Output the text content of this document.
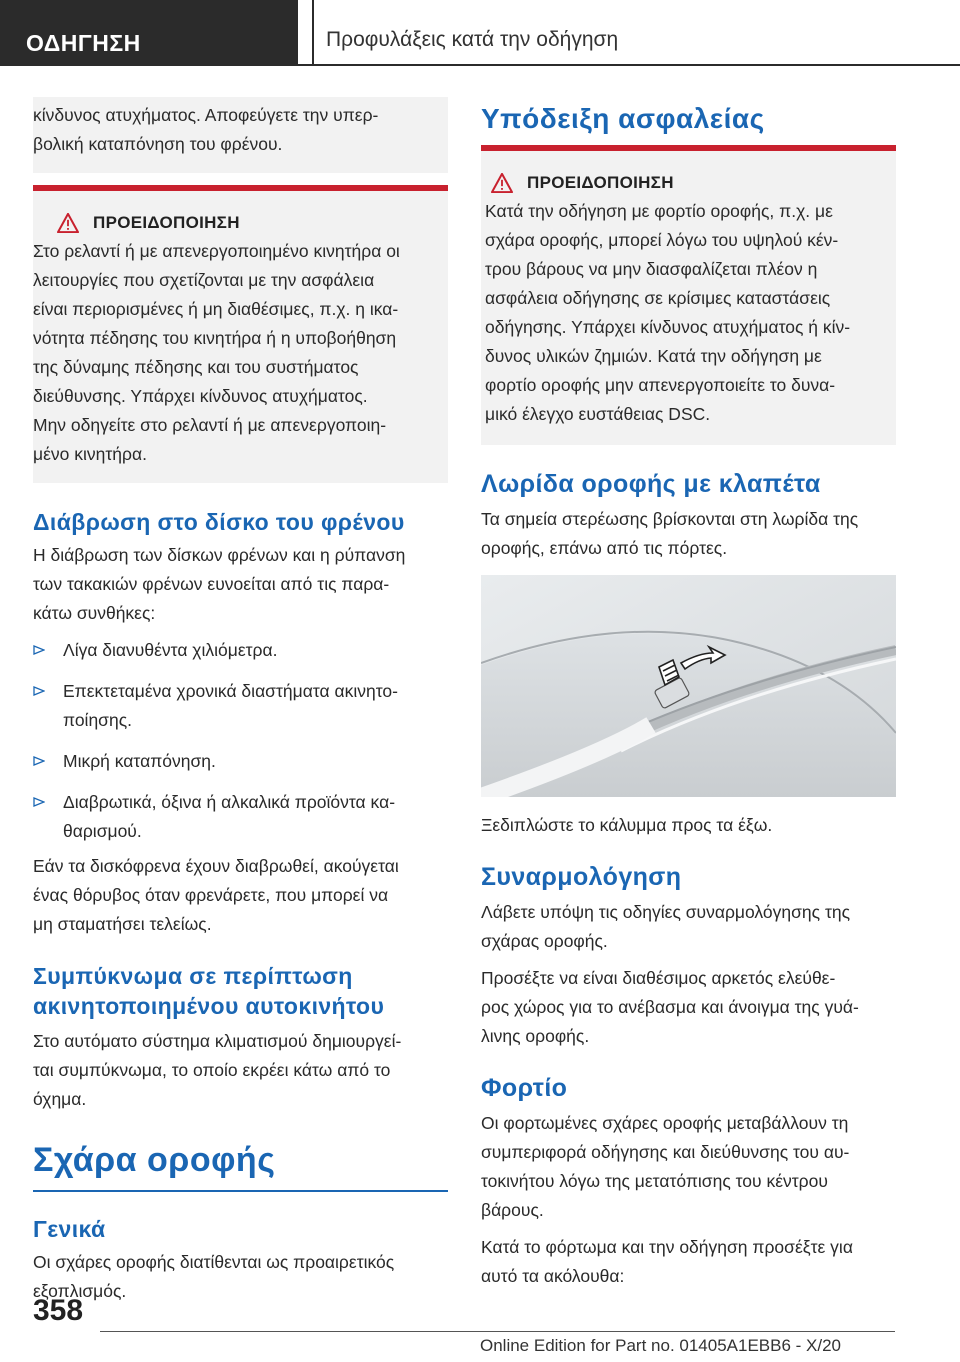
ΟΔΗΓΗΣΗ	Προφυλάξεις κατά την οδήγηση

κίνδυνος ατυχήματος. Αποφεύγετε την υπερ-

βολική καταπόνηση του φρένου.

ΠΡΟΕΙΔΟΠΟΙΗΣΗ

Στο ρελαντί ή με απενεργοποιημένο κινητήρα οι

λειτουργίες που σχετίζονται με την ασφάλεια

είναι περιορισμένες ή μη διαθέσιμες, π.χ. η ικα-

νότητα πέδησης του κινητήρα ή η υποβοήθηση

της δύναμης πέδησης και του συστήματος

διεύθυνσης. Υπάρχει κίνδυνος ατυχήματος.

Μην οδηγείτε στο ρελαντί ή με απενεργοποιη-

μένο κινητήρα.

Διάβρωση στο δίσκο του φρένου

Η διάβρωση των δίσκων φρένων και η ρύπανση

των τακακιών φρένων ευνοείται από τις παρα-

κάτω συνθήκες:

Λίγα διανυθέντα χιλιόμετρα.
Επεκτεταμένα χρονικά διαστήματα ακινητο-
ποίησης.
Μικρή καταπόνηση.
Διαβρωτικά, όξινα ή αλκαλικά προϊόντα κα-
θαρισμού.

Εάν τα δισκόφρενα έχουν διαβρωθεί, ακούγεται

ένας θόρυβος όταν φρενάρετε, που μπορεί να

μη σταματήσει τελείως.

Συμπύκνωμα σε περίπτωση
ακινητοποιημένου αυτοκινήτου

Στο αυτόματο σύστημα κλιματισμού δημιουργεί-

ται συμπύκνωμα, το οποίο εκρέει κάτω από το

όχημα.

Σχάρα οροφής
Γενικά

Οι σχάρες οροφής διατίθενται ως προαιρετικός

εξοπλισμός.

Υπόδειξη ασφαλείας
ΠΡΟΕΙΔΟΠΟΙΗΣΗ

Κατά την οδήγηση με φορτίο οροφής, π.χ. με

σχάρα οροφής, μπορεί λόγω του υψηλού κέν-

τρου βάρους να μην διασφαλίζεται πλέον η

ασφάλεια οδήγησης σε κρίσιμες καταστάσεις

οδήγησης. Υπάρχει κίνδυνος ατυχήματος ή κίν-

δυνος υλικών ζημιών. Κατά την οδήγηση με

φορτίο οροφής μην απενεργοποιείτε το δυνα-

μικό έλεγχο ευστάθειας DSC.

Λωρίδα οροφής με κλαπέτα

Τα σημεία στερέωσης βρίσκονται στη λωρίδα της

οροφής, επάνω από τις πόρτες.

Ξεδιπλώστε το κάλυμμα προς τα έξω.

Συναρμολόγηση

Λάβετε υπόψη τις οδηγίες συναρμολόγησης της

σχάρας οροφής.

Προσέξτε να είναι διαθέσιμος αρκετός ελεύθε-

ρος χώρος για το ανέβασμα και άνοιγμα της γυά-

λινης οροφής.

Φορτίο

Οι φορτωμένες σχάρες οροφής μεταβάλλουν τη

συμπεριφορά οδήγησης και διεύθυνσης του αυ-

τοκινήτου λόγω της μετατόπισης του κέντρου

βάρους.

Κατά το φόρτωμα και την οδήγηση προσέξτε για

αυτό τα ακόλουθα:

358
Online Edition for Part no. 01405A1EBB6 - X/20
